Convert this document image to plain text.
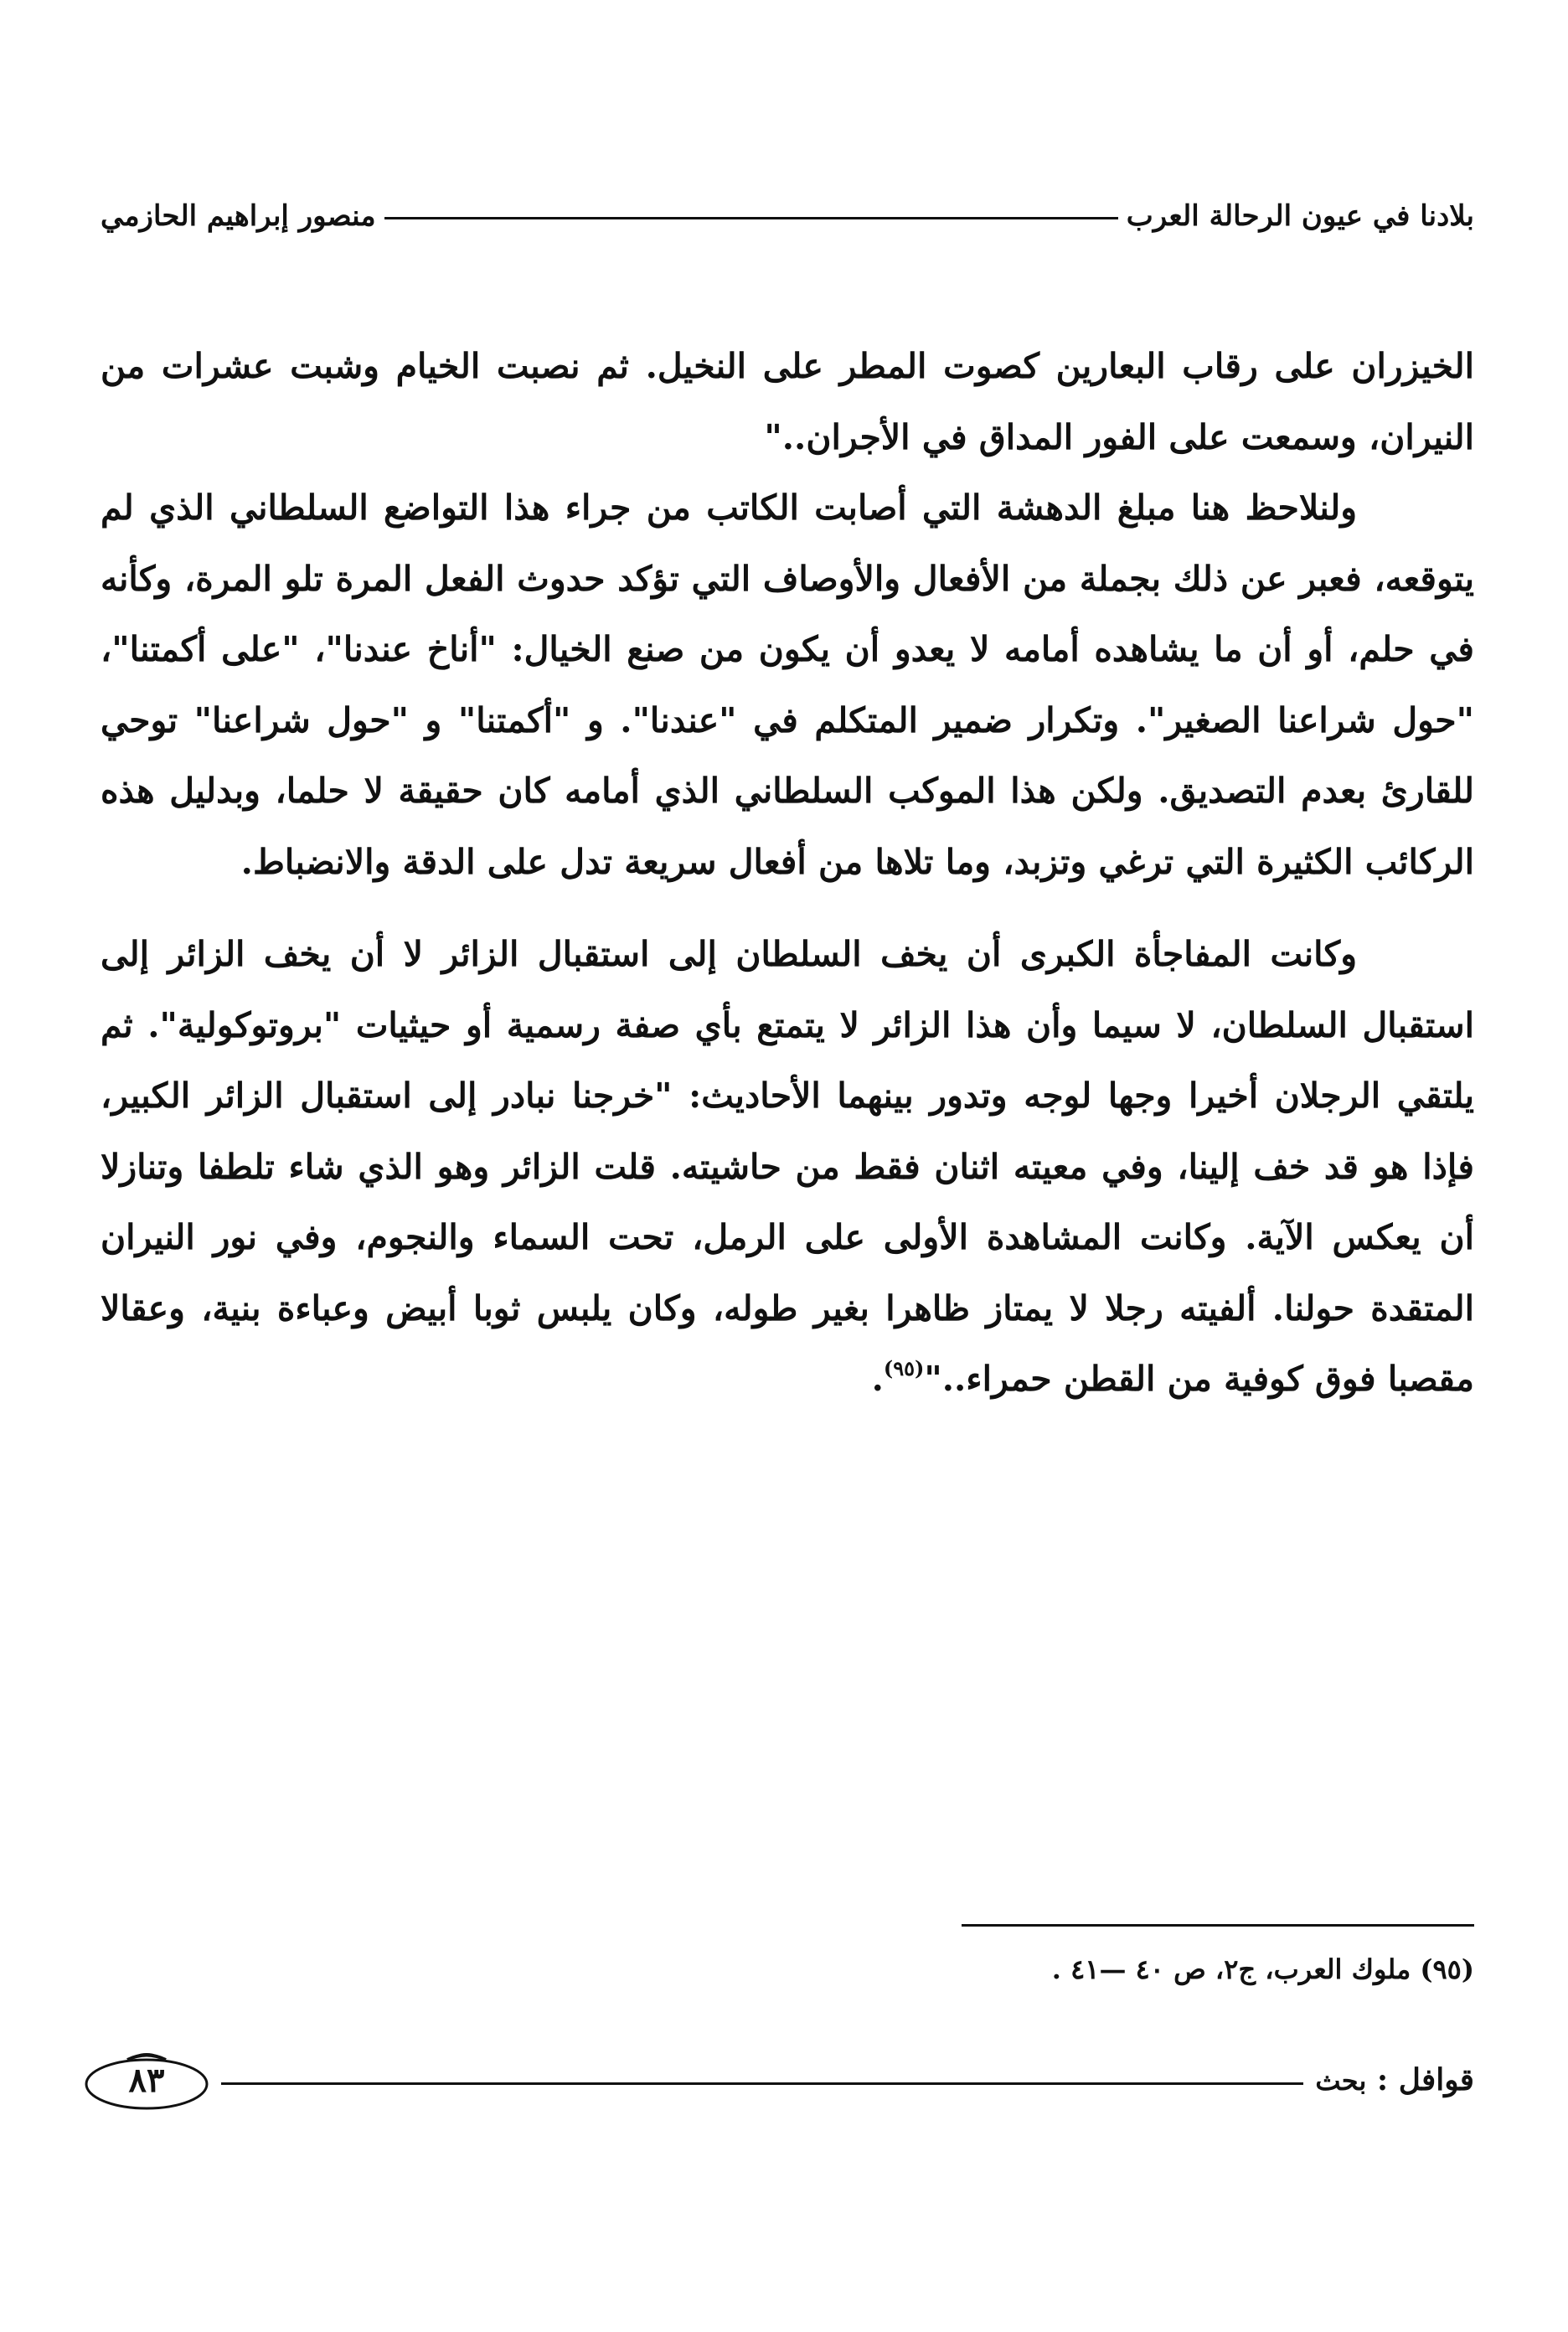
بلادنا في عيون الرحالة العرب
منصور إبراهيم الحازمي

الخيزران على رقاب البعارين كصوت المطر على النخيل. ثم نصبت الخيام وشبت عشرات من النيران، وسمعت على الفور المداق في الأجران.."

ولنلاحظ هنا مبلغ الدهشة التي أصابت الكاتب من جراء هذا التواضع السلطاني الذي لم يتوقعه، فعبر عن ذلك بجملة من الأفعال والأوصاف التي تؤكد حدوث الفعل المرة تلو المرة، وكأنه في حلم، أو أن ما يشاهده أمامه لا يعدو أن يكون من صنع الخيال: "أناخ عندنا"، "على أكمتنا"، "حول شراعنا الصغير". وتكرار ضمير المتكلم في "عندنا". و "أكمتنا" و "حول شراعنا" توحي للقارئ بعدم التصديق. ولكن هذا الموكب السلطاني الذي أمامه كان حقيقة لا حلما، وبدليل هذه الركائب الكثيرة التي ترغي وتزبد، وما تلاها من أفعال سريعة تدل على الدقة والانضباط.

وكانت المفاجأة الكبرى أن يخف السلطان إلى استقبال الزائر لا أن يخف الزائر إلى استقبال السلطان، لا سيما وأن هذا الزائر لا يتمتع بأي صفة رسمية أو حيثيات "بروتوكولية". ثم يلتقي الرجلان أخيرا وجها لوجه وتدور بينهما الأحاديث: "خرجنا نبادر إلى استقبال الزائر الكبير، فإذا هو قد خف إلينا، وفي معيته اثنان فقط من حاشيته. قلت الزائر وهو الذي شاء تلطفا وتنازلا أن يعكس الآية. وكانت المشاهدة الأولى على الرمل، تحت السماء والنجوم، وفي نور النيران المتقدة حولنا. ألفيته رجلا لا يمتاز ظاهرا بغير طوله، وكان يلبس ثوبا أبيض وعباءة بنية، وعقالا مقصبا فوق كوفية من القطن حمراء.."$^{(٩٥)}$.

(٩٥) ملوك العرب، ج٢، ص ٤٠ —٤١ .
قوافل : بحث
٨٣
